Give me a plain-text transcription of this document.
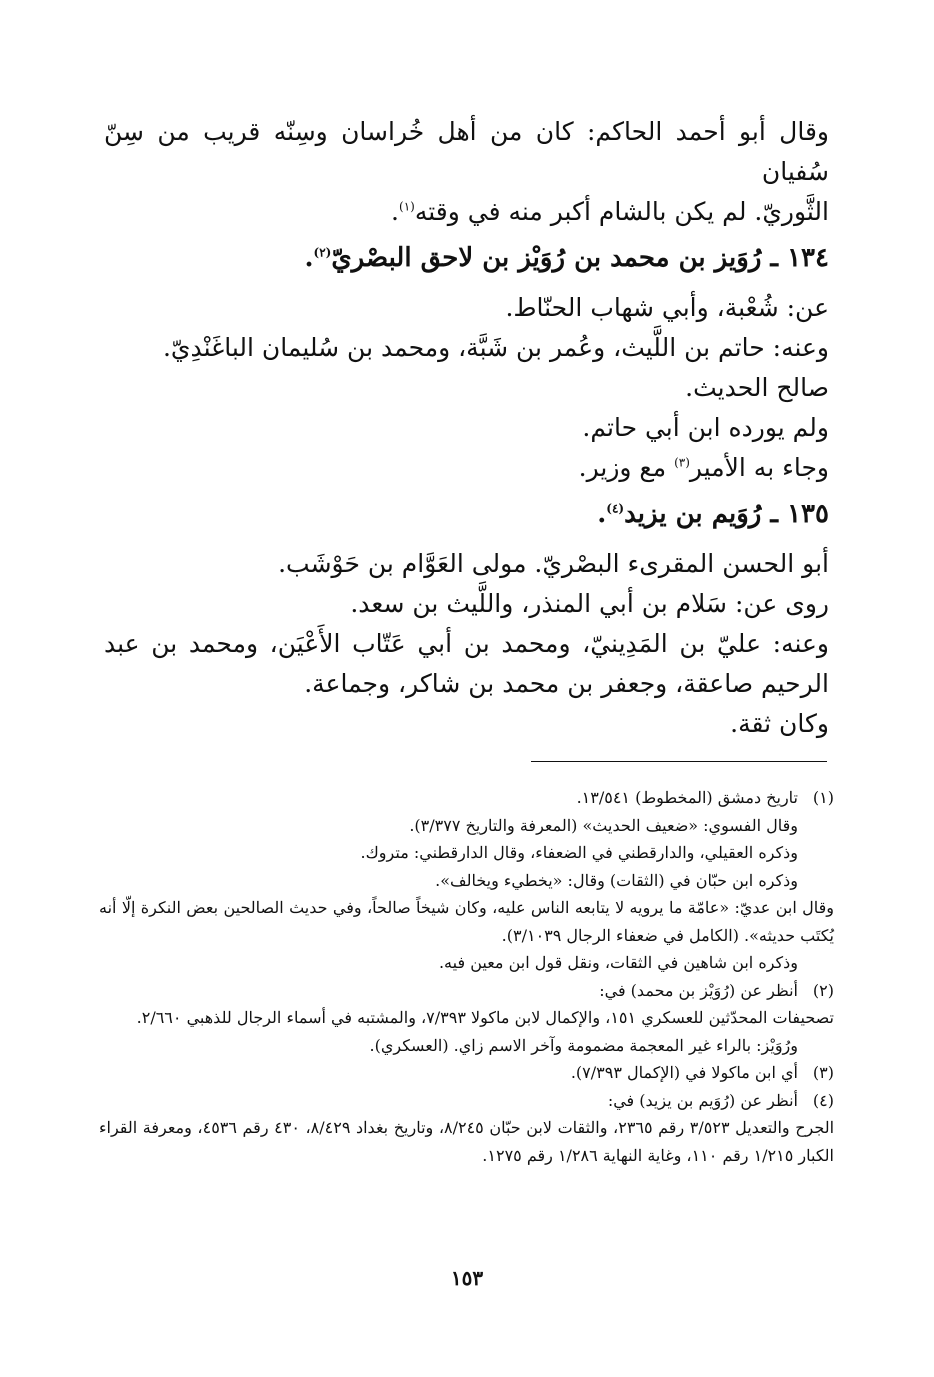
وقال أبو أحمد الحاكم: كان من أهل خُراسان وسِنّه قريب من سِنّ سُفيان

الثَّوريّ. لم يكن بالشام أكبر منه في وقته$^{(١)}$.

١٣٤ ـ رُوَيز بن محمد بن رُوَيْز بن لاحق البصْريّ$^{(٢)}$.

عن: شُعْبة، وأبي شهاب الحنّاط.

وعنه: حاتم بن اللَّيث، وعُمر بن شَبَّة، ومحمد بن سُليمان الباغَنْدِيّ.

صالح الحديث.

ولم يورده ابن أبي حاتم.

وجاء به الأمير$^{(٣)}$ مع وزير.

١٣٥ ـ رُوَيم بن يزيد$^{(٤)}$.

أبو الحسن المقرىء البصْريّ. مولى العَوَّام بن حَوْشَب.

روى عن: سَلام بن أبي المنذر، واللَّيث بن سعد.

وعنه: عليّ بن المَدِينيّ، ومحمد بن أبي عَتّاب الأَعْيَن، ومحمد بن عبد الرحيم صاعقة، وجعفر بن محمد بن شاكر، وجماعة.

وكان ثقة.

(١)
تاريخ دمشق (المخطوط) ١٣/٥٤١.
وقال الفسوي: «ضعيف الحديث» (المعرفة والتاريخ ٣/٣٧٧).
وذكره العقيلي، والدارقطني في الضعفاء، وقال الدارقطني: متروك.
وذكره ابن حبّان في (الثقات) وقال: «يخطيء ويخالف».
وقال ابن عديّ: «عامّة ما يرويه لا يتابعه الناس عليه، وكان شيخاً صالحاً، وفي حديث الصالحين بعض النكرة إلّا أنه يُكتَب حديثه». (الكامل في ضعفاء الرجال ٣/١٠٣٩).
وذكره ابن شاهين في الثقات، ونقل قول ابن معين فيه.
(٢)
أنظر عن (رُوَيْز بن محمد) في:
تصحيفات المحدّثين للعسكري ١٥١، والإكمال لابن ماكولا ٧/٣٩٣، والمشتبه في أسماء الرجال للذهبي ٢/٦٦٠.
ورُوَيْز: بالراء غير المعجمة مضمومة وآخر الاسم زاي. (العسكري).
(٣)
أي ابن ماكولا في (الإكمال ٧/٣٩٣).
(٤)
أنظر عن (رُوَيم بن يزيد) في:
الجرح والتعديل ٣/٥٢٣ رقم ٢٣٦٥، والثقات لابن حبّان ٨/٢٤٥، وتاريخ بغداد ٨/٤٢٩، ٤٣٠ رقم ٤٥٣٦، ومعرفة القراء الكبار ١/٢١٥ رقم ١١٠، وغاية النهاية ١/٢٨٦ رقم ١٢٧٥.
١٥٣
